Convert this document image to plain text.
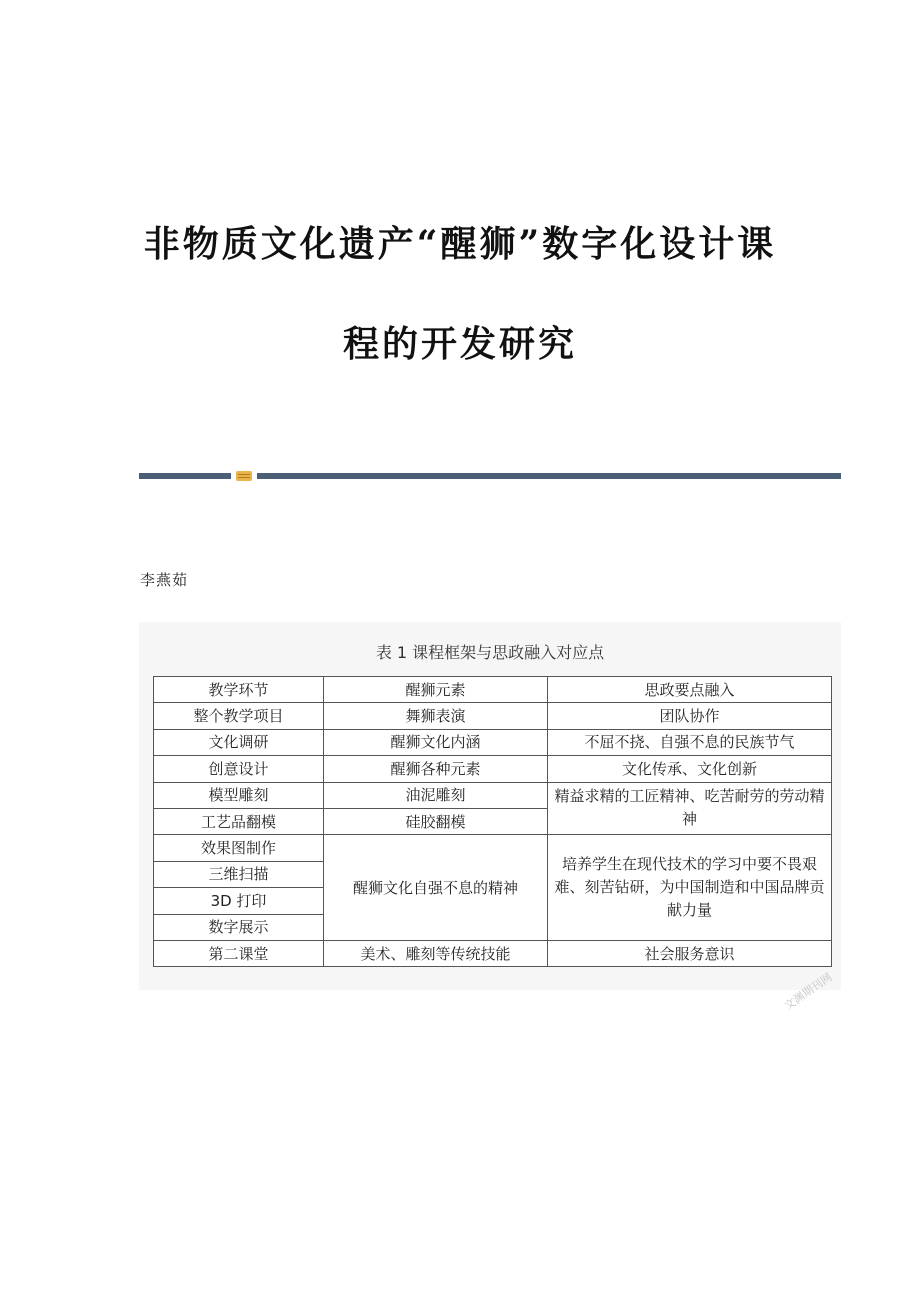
非物质文化遗产“醒狮”数字化设计课
程的开发研究
李燕茹
表 1 课程框架与思政融入对应点
教学环节	醒狮元素	思政要点融入
整个教学项目	舞狮表演	团队协作
文化调研	醒狮文化内涵	不屈不挠、自强不息的民族节气
创意设计	醒狮各种元素	文化传承、文化创新
模型雕刻	油泥雕刻	精益求精的工匠精神、吃苦耐劳的劳动精神
工艺品翻模	硅胶翻模	
效果图制作	醒狮文化自强不息的精神	培养学生在现代技术的学习中要不畏艰难、刻苦钻研，为中国制造和中国品牌贡献力量
三维扫描		
3D 打印		
数字展示		
第二课堂	美术、雕刻等传统技能	社会服务意识
文渊期刊网
